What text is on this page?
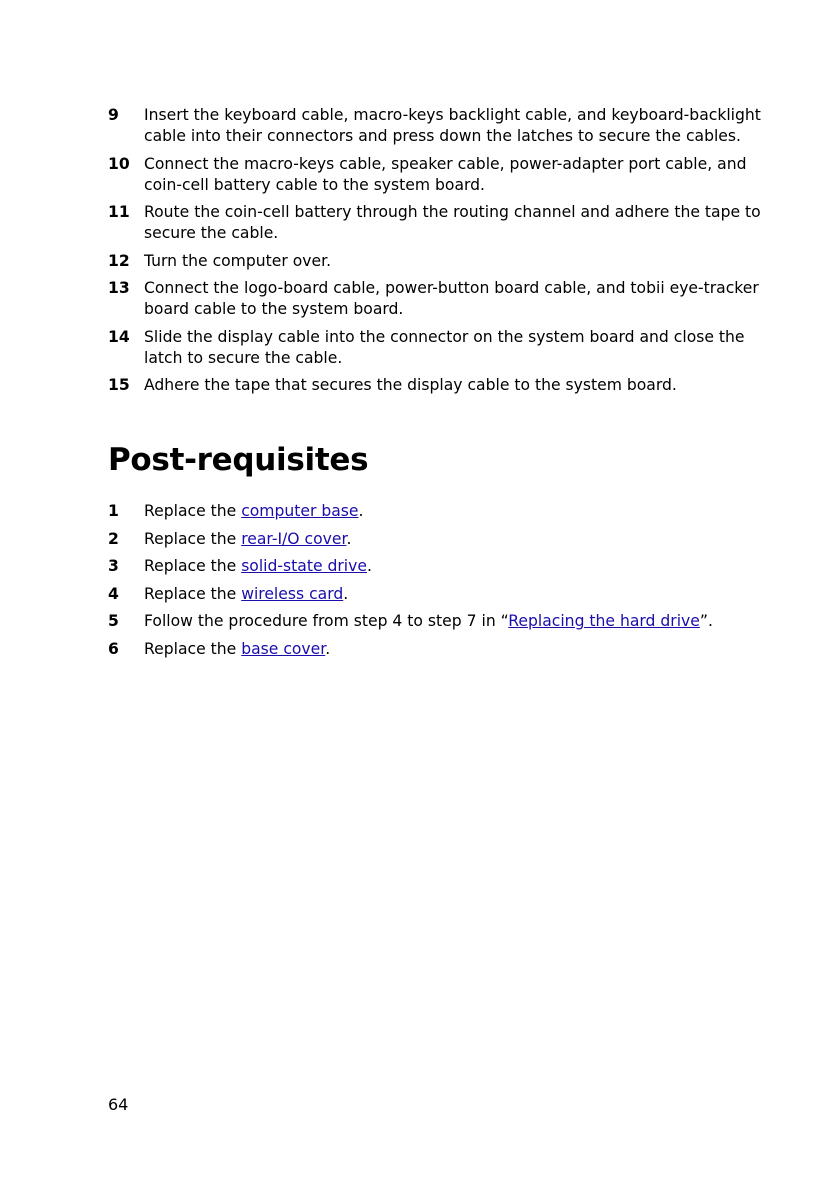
9	Insert the keyboard cable, macro-keys backlight cable, and keyboard-backlight cable into their connectors and press down the latches to secure the cables.
10 Connect the macro-keys cable, speaker cable, power-adapter port cable, and coin-cell battery cable to the system board.
11 Route the coin-cell battery through the routing channel and adhere the tape to secure the cable.
12 Turn the computer over.
13 Connect the logo-board cable, power-button board cable, and tobii eye-tracker board cable to the system board.
14 Slide the display cable into the connector on the system board and close the latch to secure the cable.
15 Adhere the tape that secures the display cable to the system board.
Post-requisites
1	Replace the computer base.
2	Replace the rear-I/O cover.
3	Replace the solid-state drive.
4	Replace the wireless card.
5	Follow the procedure from step 4 to step 7 in “Replacing the hard drive”.
6	Replace the base cover.
64
